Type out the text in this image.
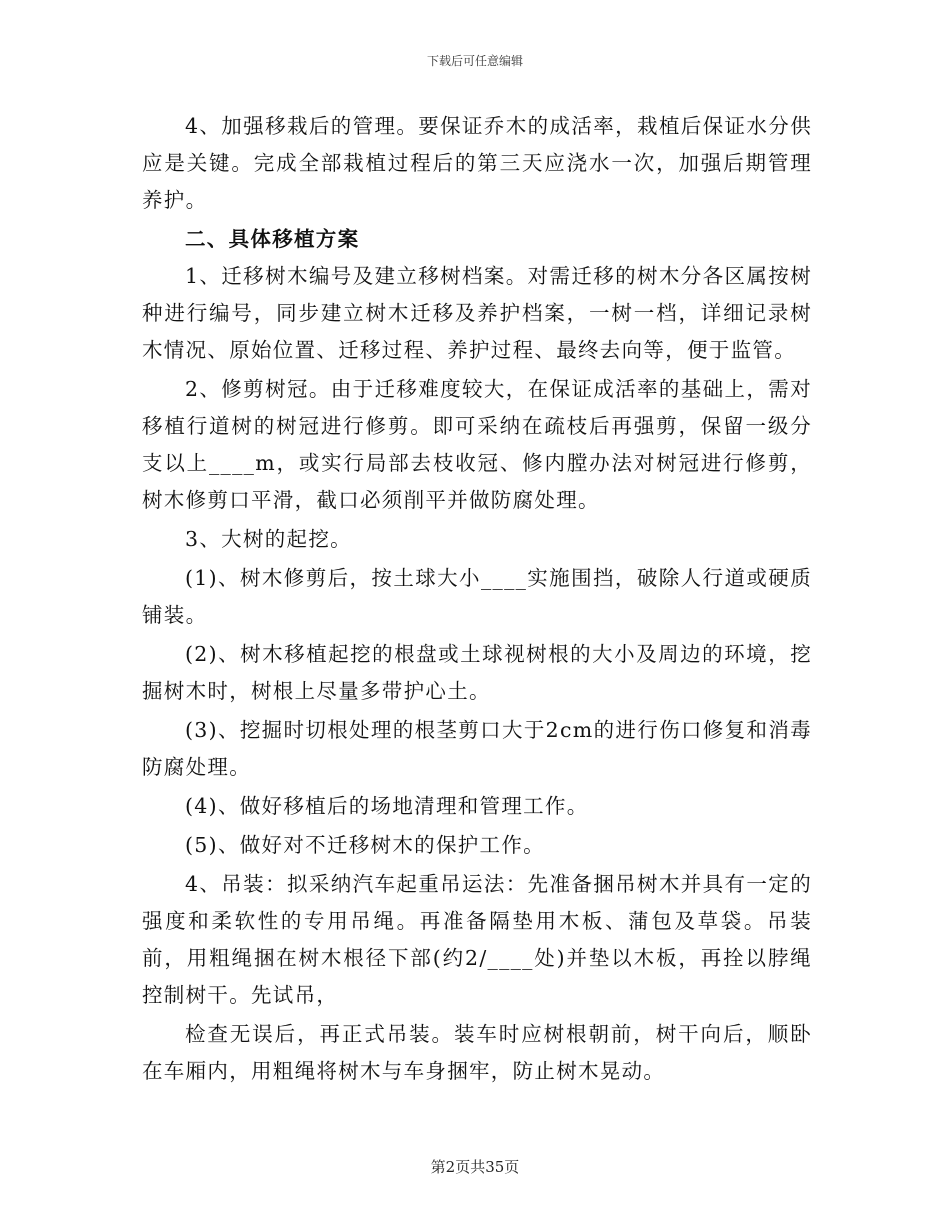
下载后可任意编辑

4、加强移栽后的管理。要保证乔木的成活率，栽植后保证水分供应是关键。完成全部栽植过程后的第三天应浇水一次，加强后期管理养护。

二、具体移植方案

1、迁移树木编号及建立移树档案。对需迁移的树木分各区属按树种进行编号，同步建立树木迁移及养护档案，一树一档，详细记录树木情况、原始位置、迁移过程、养护过程、最终去向等，便于监管。

2、修剪树冠。由于迁移难度较大，在保证成活率的基础上，需对移植行道树的树冠进行修剪。即可采纳在疏枝后再强剪，保留一级分支以上____m，或实行局部去枝收冠、修内膛办法对树冠进行修剪，树木修剪口平滑，截口必须削平并做防腐处理。

3、大树的起挖。

(1)、树木修剪后，按土球大小____实施围挡，破除人行道或硬质铺装。

(2)、树木移植起挖的根盘或土球视树根的大小及周边的环境，挖掘树木时，树根上尽量多带护心土。

(3)、挖掘时切根处理的根茎剪口大于2cm的进行伤口修复和消毒防腐处理。

(4)、做好移植后的场地清理和管理工作。

(5)、做好对不迁移树木的保护工作。

4、吊装：拟采纳汽车起重吊运法：先准备捆吊树木并具有一定的强度和柔软性的专用吊绳。再准备隔垫用木板、蒲包及草袋。吊装前，用粗绳捆在树木根径下部(约2/____处)并垫以木板，再拴以脖绳控制树干。先试吊，

检查无误后，再正式吊装。装车时应树根朝前，树干向后，顺卧在车厢内，用粗绳将树木与车身捆牢，防止树木晃动。

第2页共35页
